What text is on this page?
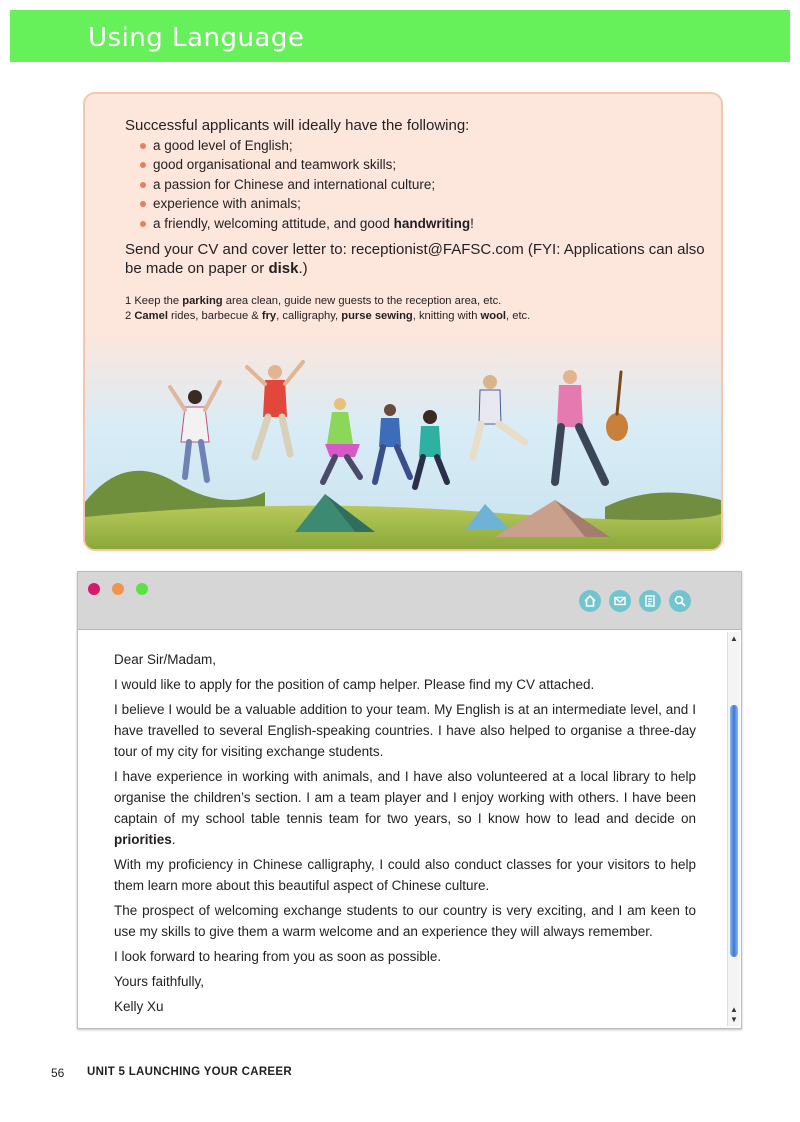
Using Language
Successful applicants will ideally have the following:
a good level of English;
good organisational and teamwork skills;
a passion for Chinese and international culture;
experience with animals;
a friendly, welcoming attitude, and good handwriting!
Send your CV and cover letter to: receptionist@FAFSC.com (FYI: Applications can also be made on paper or disk.)
1 Keep the parking area clean, guide new guests to the reception area, etc.
2 Camel rides, barbecue & fry, calligraphy, purse sewing, knitting with wool, etc.

Dear Sir/Madam,

I would like to apply for the position of camp helper. Please find my CV attached.

I believe I would be a valuable addition to your team. My English is at an intermediate level, and I have travelled to several English-speaking countries. I have also helped to organise a three-day tour of my city for visiting exchange students.

I have experience in working with animals, and I have also volunteered at a local library to help organise the children’s section. I am a team player and I enjoy working with others. I have been captain of my school table tennis team for two years, so I know how to lead and decide on priorities.

With my proficiency in Chinese calligraphy, I could also conduct classes for your visitors to help them learn more about this beautiful aspect of Chinese culture.

The prospect of welcoming exchange students to our country is very exciting, and I am keen to use my skills to give them a warm welcome and an experience they will always remember.

I look forward to hearing from you as soon as possible.

Yours faithfully,

Kelly Xu

▲
▲
▼
56 UNIT 5 LAUNCHING YOUR CAREER
